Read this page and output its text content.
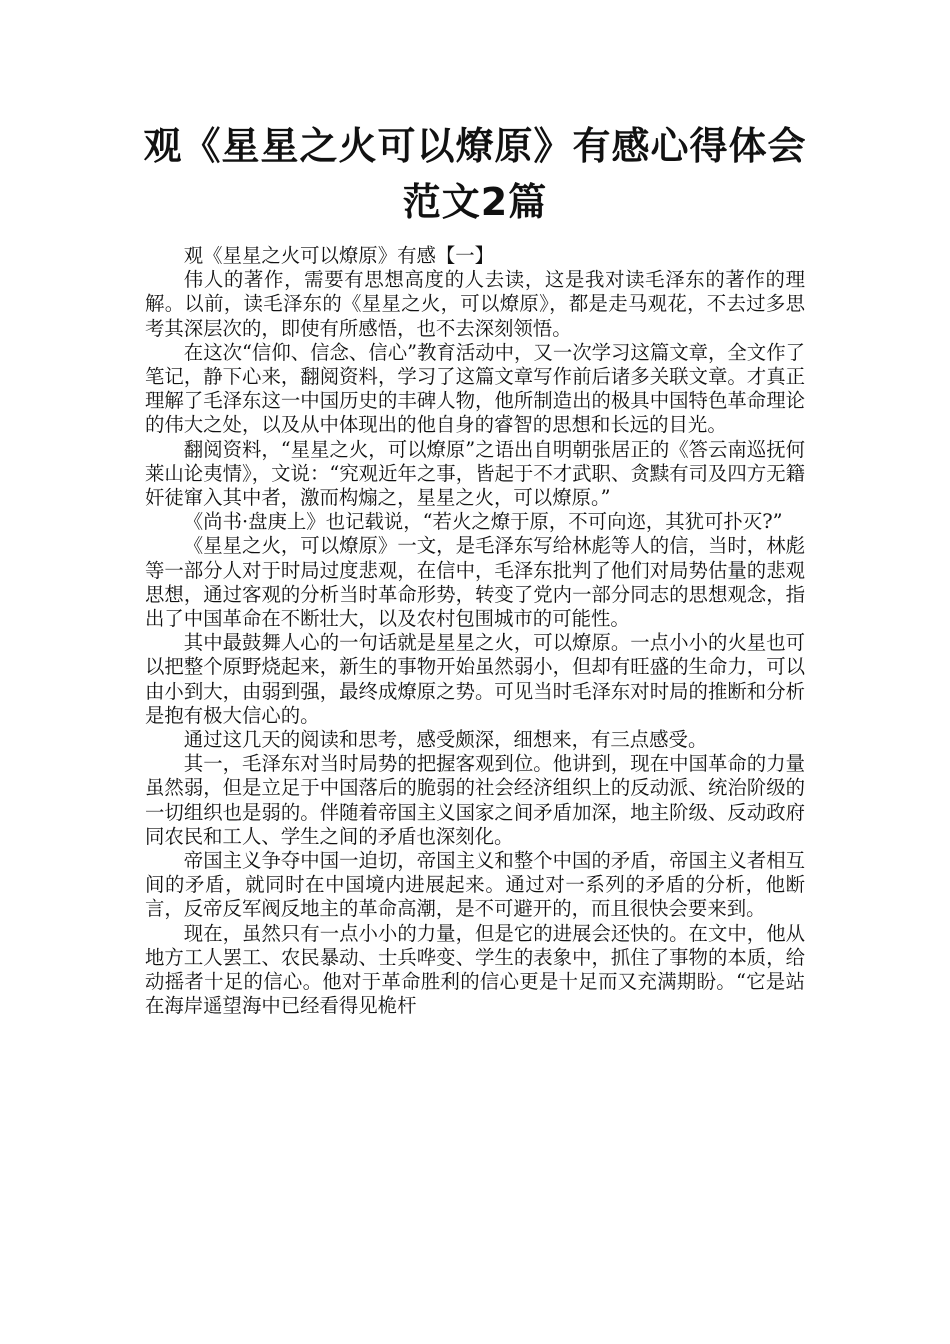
观《星星之火可以燎原》有感心得体会
范文2篇

观《星星之火可以燎原》有感【一】

伟人的著作，需要有思想高度的人去读，这是我对读毛泽东的著作的理解。以前，读毛泽东的《星星之火，可以燎原》，都是走马观花，不去过多思考其深层次的，即使有所感悟，也不去深刻领悟。

在这次“信仰、信念、信心”教育活动中，又一次学习这篇文章，全文作了笔记，静下心来，翻阅资料，学习了这篇文章写作前后诸多关联文章。才真正理解了毛泽东这一中国历史的丰碑人物，他所制造出的极具中国特色革命理论的伟大之处，以及从中体现出的他自身的睿智的思想和长远的目光。

翻阅资料，“星星之火，可以燎原”之语出自明朝张居正的《答云南巡抚何莱山论夷情》，文说：“究观近年之事，皆起于不才武职、贪黩有司及四方无籍奸徒窜入其中者，激而构煽之，星星之火，可以燎原。”

《尚书·盘庚上》也记载说，“若火之燎于原，不可向迩，其犹可扑灭?”

《星星之火，可以燎原》一文，是毛泽东写给林彪等人的信，当时，林彪等一部分人对于时局过度悲观，在信中，毛泽东批判了他们对局势估量的悲观思想，通过客观的分析当时革命形势，转变了党内一部分同志的思想观念，指出了中国革命在不断壮大，以及农村包围城市的可能性。

其中最鼓舞人心的一句话就是星星之火，可以燎原。一点小小的火星也可以把整个原野烧起来，新生的事物开始虽然弱小，但却有旺盛的生命力，可以由小到大，由弱到强，最终成燎原之势。可见当时毛泽东对时局的推断和分析是抱有极大信心的。

通过这几天的阅读和思考，感受颇深，细想来，有三点感受。

其一，毛泽东对当时局势的把握客观到位。他讲到，现在中国革命的力量虽然弱，但是立足于中国落后的脆弱的社会经济组织上的反动派、统治阶级的一切组织也是弱的。伴随着帝国主义国家之间矛盾加深，地主阶级、反动政府同农民和工人、学生之间的矛盾也深刻化。

帝国主义争夺中国一迫切，帝国主义和整个中国的矛盾，帝国主义者相互间的矛盾，就同时在中国境内进展起来。通过对一系列的矛盾的分析，他断言，反帝反军阀反地主的革命高潮，是不可避开的，而且很快会要来到。

现在，虽然只有一点小小的力量，但是它的进展会还快的。在文中，他从地方工人罢工、农民暴动、士兵哗变、学生的表象中，抓住了事物的本质，给动摇者十足的信心。他对于革命胜利的信心更是十足而又充满期盼。“它是站在海岸遥望海中已经看得见桅杆
